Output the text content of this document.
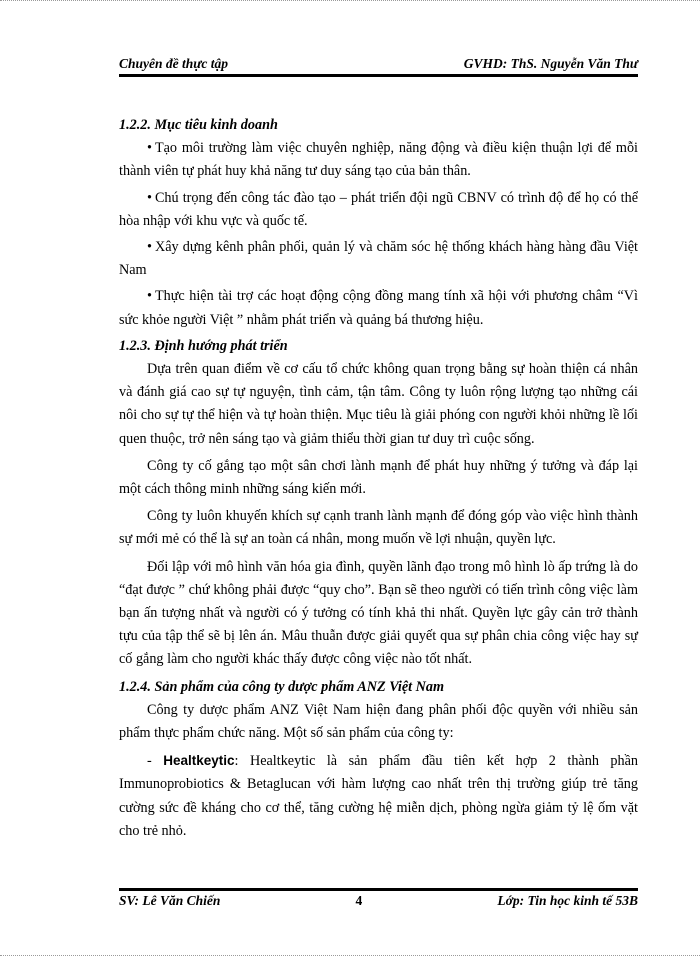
Chuyên đề thực tập	GVHD: ThS. Nguyễn Văn Thư
1.2.2. Mục tiêu kinh doanh

• Tạo môi trường làm việc chuyên nghiệp, năng động và điều kiện thuận lợi để mỗi thành viên tự phát huy khả năng tư duy sáng tạo của bản thân.

• Chú trọng đến công tác đào tạo – phát triển đội ngũ CBNV có trình độ để họ có thể hòa nhập với khu vực và quốc tế.

• Xây dựng kênh phân phối, quản lý và chăm sóc hệ thống khách hàng hàng đầu Việt Nam

• Thực hiện tài trợ các hoạt động cộng đồng mang tính xã hội với phương châm “Vì sức khỏe người Việt ” nhằm phát triển và quảng bá thương hiệu.

1.2.3. Định hướng phát triển

Dựa trên quan điểm về cơ cấu tổ chức không quan trọng bằng sự hoàn thiện cá nhân và đánh giá cao sự tự nguyện, tình cảm, tận tâm. Công ty luôn rộng lượng tạo những cái nôi cho sự tự thể hiện và tự hoàn thiện. Mục tiêu là giải phóng con người khỏi những lề lối quen thuộc, trở nên sáng tạo và giảm thiểu thời gian tư duy trì cuộc sống.

Công ty cố gắng tạo một sân chơi lành mạnh để phát huy những ý tưởng và đáp lại một cách thông minh những sáng kiến mới.

Công ty luôn khuyến khích sự cạnh tranh lành mạnh để đóng góp vào việc hình thành sự mới mẻ có thể là sự an toàn cá nhân, mong muốn về lợi nhuận, quyền lực.

Đối lập với mô hình văn hóa gia đình, quyền lãnh đạo trong mô hình lò ấp trứng là do “đạt được ” chứ không phải được “quy cho”. Bạn sẽ theo người có tiến trình công việc làm bạn ấn tượng nhất và người có ý tưởng có tính khả thi nhất. Quyền lực gây cản trở thành tựu của tập thể sẽ bị lên án. Mâu thuẫn được giải quyết qua sự phân chia công việc hay sự cố gắng làm cho người khác thấy được công việc nào tốt nhất.

1.2.4. Sản phẩm của công ty dược phẩm ANZ Việt Nam

Công ty dược phẩm ANZ Việt Nam hiện đang phân phối độc quyền với nhiều sản phẩm thực phẩm chức năng. Một số sản phẩm của công ty:

- Healtkeytic: Healtkeytic là sản phẩm đầu tiên kết hợp 2 thành phần Immunoprobiotics & Betaglucan với hàm lượng cao nhất trên thị trường giúp trẻ tăng cường sức đề kháng cho cơ thể, tăng cường hệ miễn dịch, phòng ngừa giảm tỷ lệ ốm vặt cho trẻ nhỏ.

SV: Lê Văn Chiến	4	Lớp: Tin học kinh tế 53B
